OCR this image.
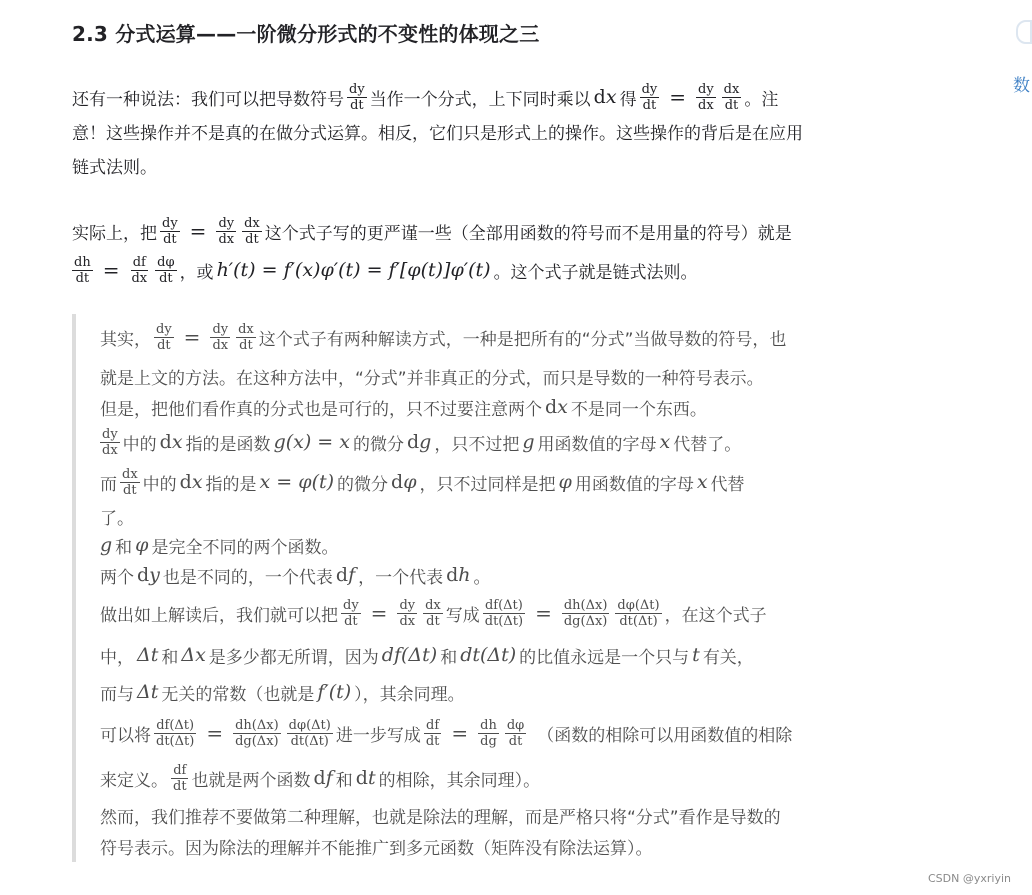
2.3 分式运算——一阶微分形式的不变性的体现之三
数
还有一种说法：我们可以把导数符号 $\frac{dy}{dt}$ 当作一个分式，上下同时乘以 d x 得 $\frac{dy}{dt} = \frac{dy}{dx} \frac{dx}{dt}$ 。注
意！这些操作并不是真的在做分式运算。相反，它们只是形式上的操作。这些操作的背后是在应用
链式法则。
实际上，把 $\frac{dy}{dt} = \frac{dy}{dx} \frac{dx}{dt}$ 这个式子写的更严谨一些（全部用函数的符号而不是用量的符号）就是
$\frac{dh}{dt} = \frac{df}{dx} \frac{d\varphi}{dt}$ ，或 h′(t) = f′(x)φ′(t) = f′[φ(t)]φ′(t) 。这个式子就是链式法则。
其实， $\frac{dy}{dt} = \frac{dy}{dx} \frac{dx}{dt}$ 这个式子有两种解读方式，一种是把所有的“分式”当做导数的符号，也
就是上文的方法。在这种方法中，“分式”并非真正的分式，而只是导数的一种符号表示。
但是，把他们看作真的分式也是可行的，只不过要注意两个 d x 不是同一个东西。
$\frac{dy}{dx}$ 中的 d x 指的是函数 g(x) = x 的微分 d g ，只不过把 g 用函数值的字母 x 代替了。
而 $\frac{dx}{dt}$ 中的 d x 指的是 x = φ(t) 的微分 d φ ，只不过同样是把 φ 用函数值的字母 x 代替
了。
g 和 φ 是完全不同的两个函数。
两个 d y 也是不同的，一个代表 d f ，一个代表 d h 。
做出如上解读后，我们就可以把 $\frac{dy}{dt} = \frac{dy}{dx} \frac{dx}{dt}$ 写成 $\frac{df(\Delta t)}{dt(\Delta t)} = \frac{dh(\Delta x)}{dg(\Delta x)} \frac{d\varphi(\Delta t)}{dt(\Delta t)}$ ，在这个式子
中， Δt 和 Δx 是多少都无所谓，因为 df(Δt) 和 dt(Δt) 的比值永远是一个只与 t 有关，
而与 Δt 无关的常数（也就是 f′(t) ），其余同理。
可以将 $\frac{df(\Delta t)}{dt(\Delta t)} = \frac{dh(\Delta x)}{dg(\Delta x)} \frac{d\varphi(\Delta t)}{dt(\Delta t)}$ 进一步写成 $\frac{df}{dt} = \frac{dh}{dg} \frac{d\varphi}{dt}$ （函数的相除可以用函数值的相除
来定义。 $\frac{df}{dt}$ 也就是两个函数 d f 和 d t 的相除，其余同理）。
然而，我们推荐不要做第二种理解，也就是除法的理解，而是严格只将“分式”看作是导数的
符号表示。因为除法的理解并不能推广到多元函数（矩阵没有除法运算）。
CSDN @yxriyin
